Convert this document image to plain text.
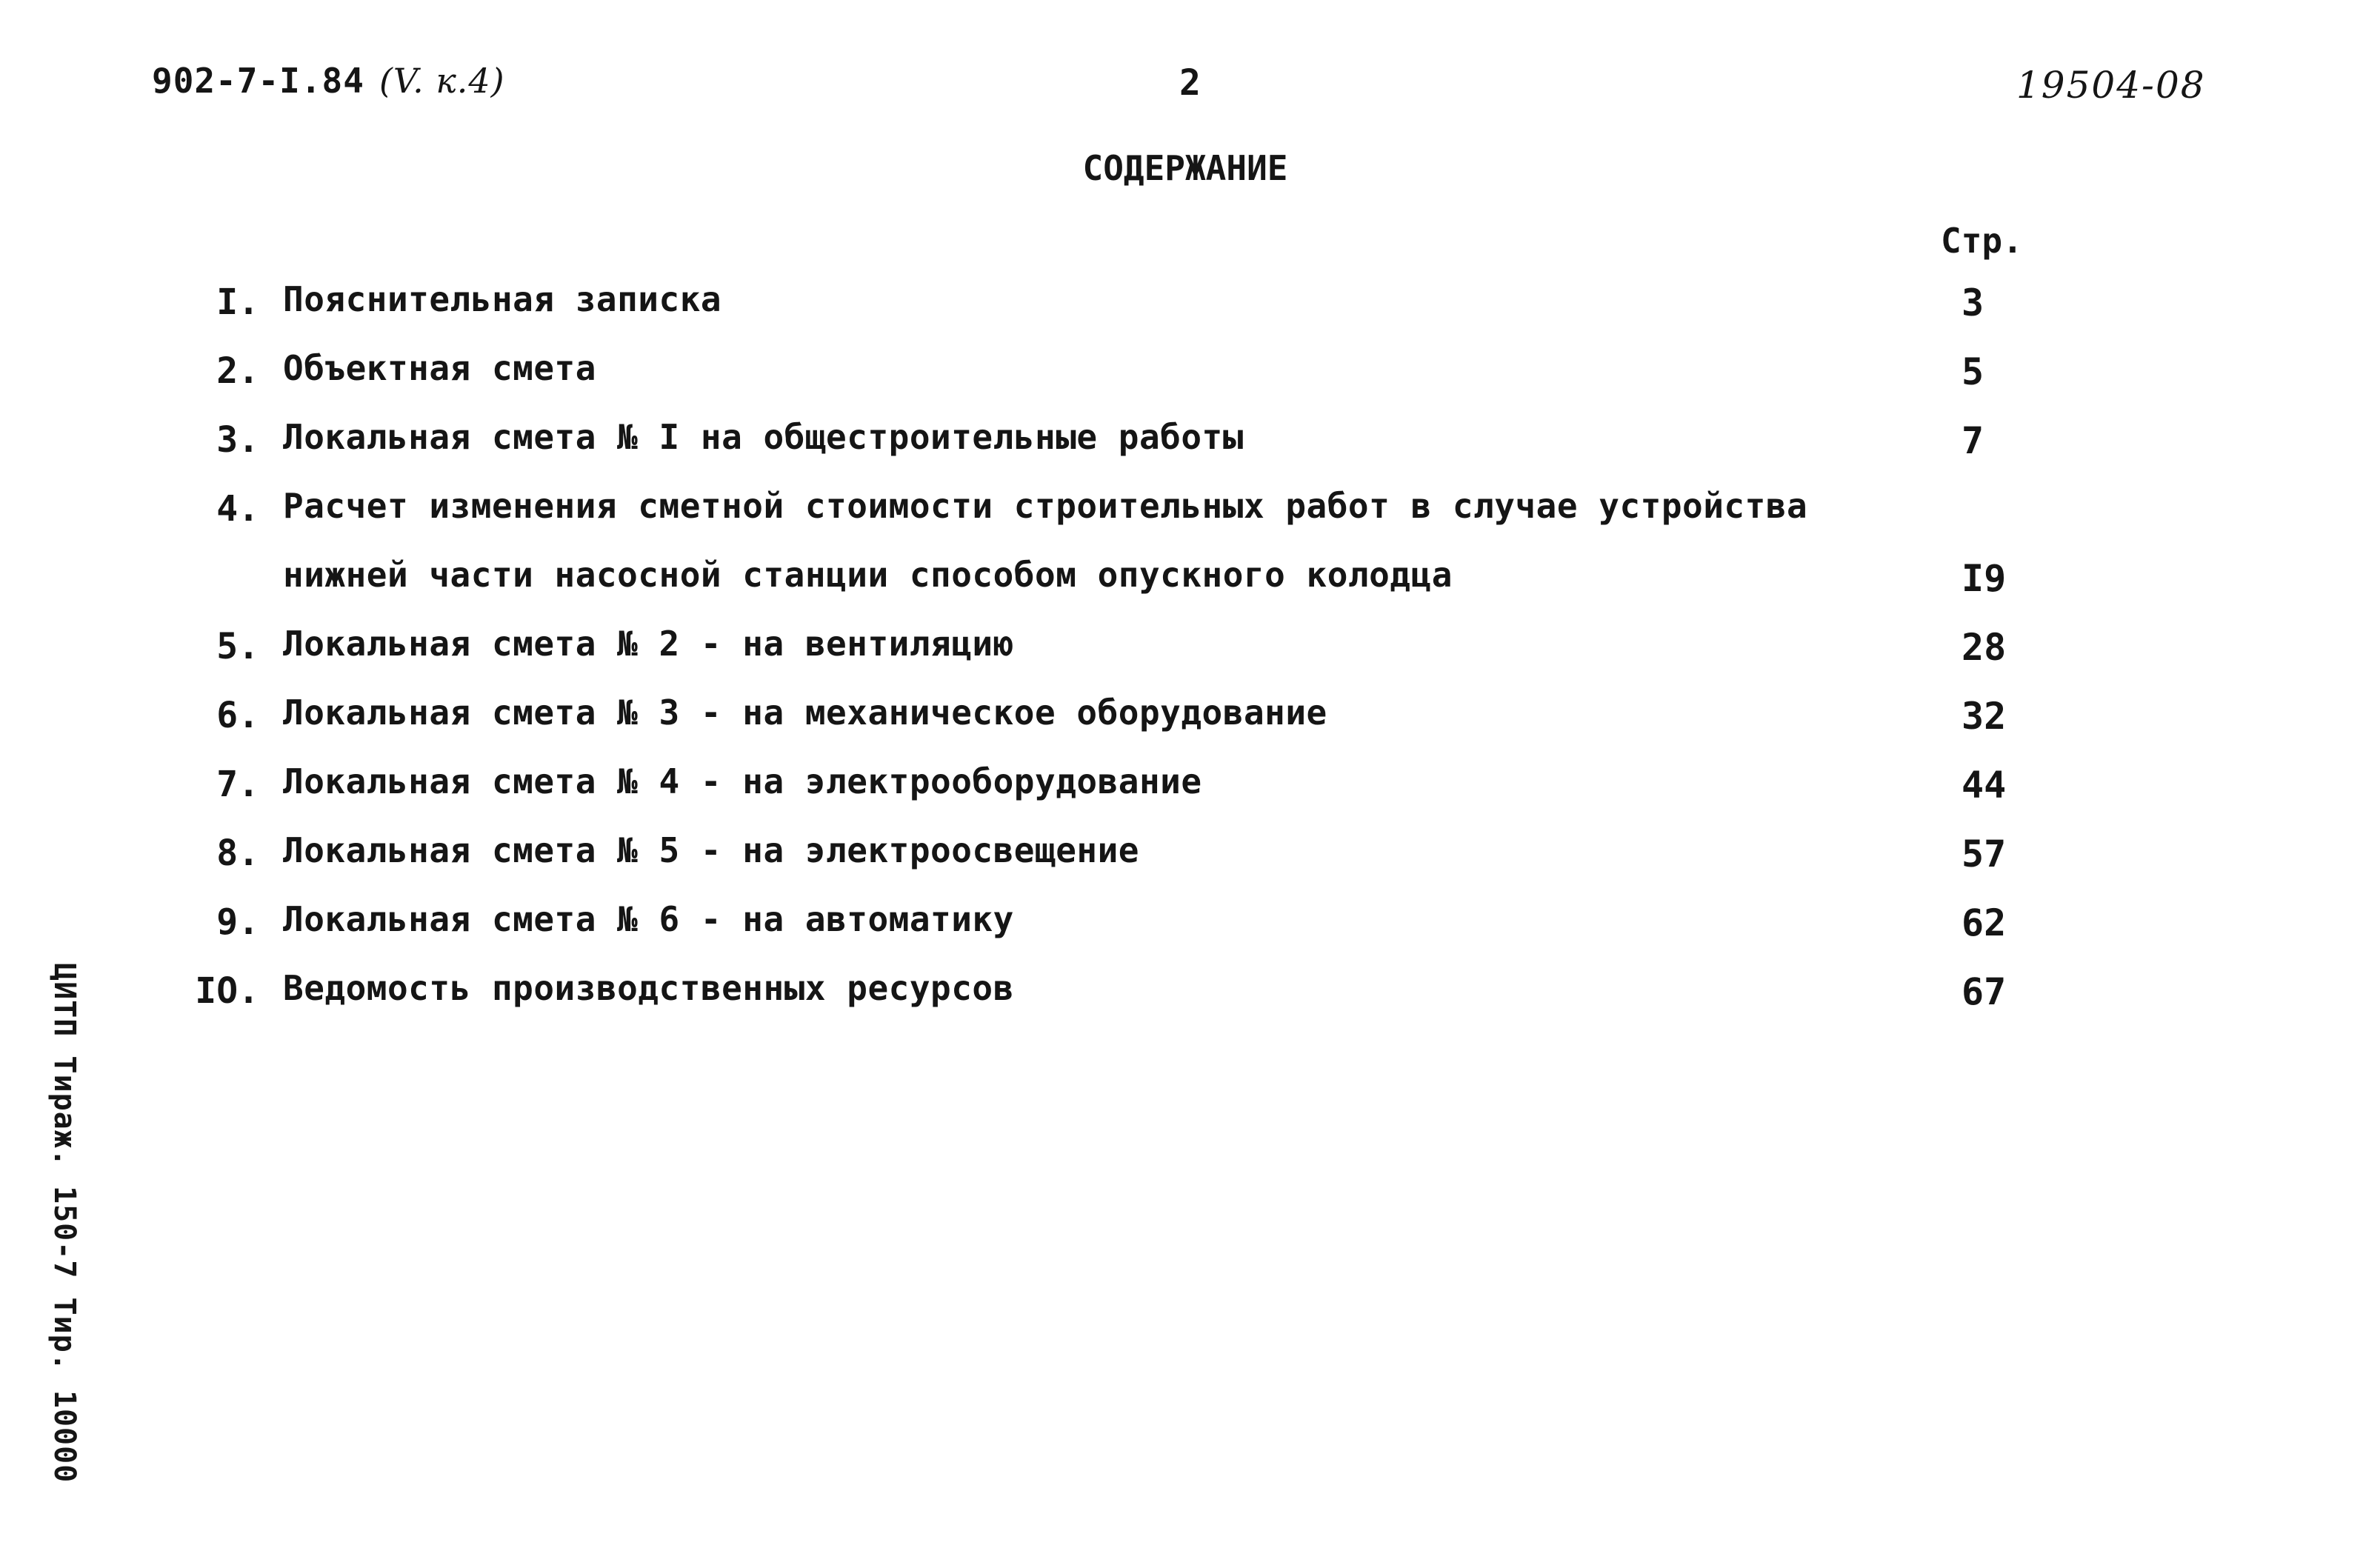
902-7-I.84 (V. к.4)	2	19504-08
СОДЕРЖАНИЕ
Стр.
I. Пояснительная записка	3
2. Объектная смета	5
3. Локальная смета № I на общестроительные работы	7
4. Расчет изменения сметной стоимости строительных работ в случае устройства нижней части насосной станции способом опускного колодца	I9
5. Локальная смета № 2 - на вентиляцию	28
6. Локальная смета № 3 - на механическое оборудование	32
7. Локальная смета № 4 - на электрооборудование	44
8. Локальная смета № 5 - на электроосвещение	57
9. Локальная смета № 6 - на автоматику	62
IO. Ведомость производственных ресурсов	67
ЦИТП Тираж. 150-7 Тир. 10000
